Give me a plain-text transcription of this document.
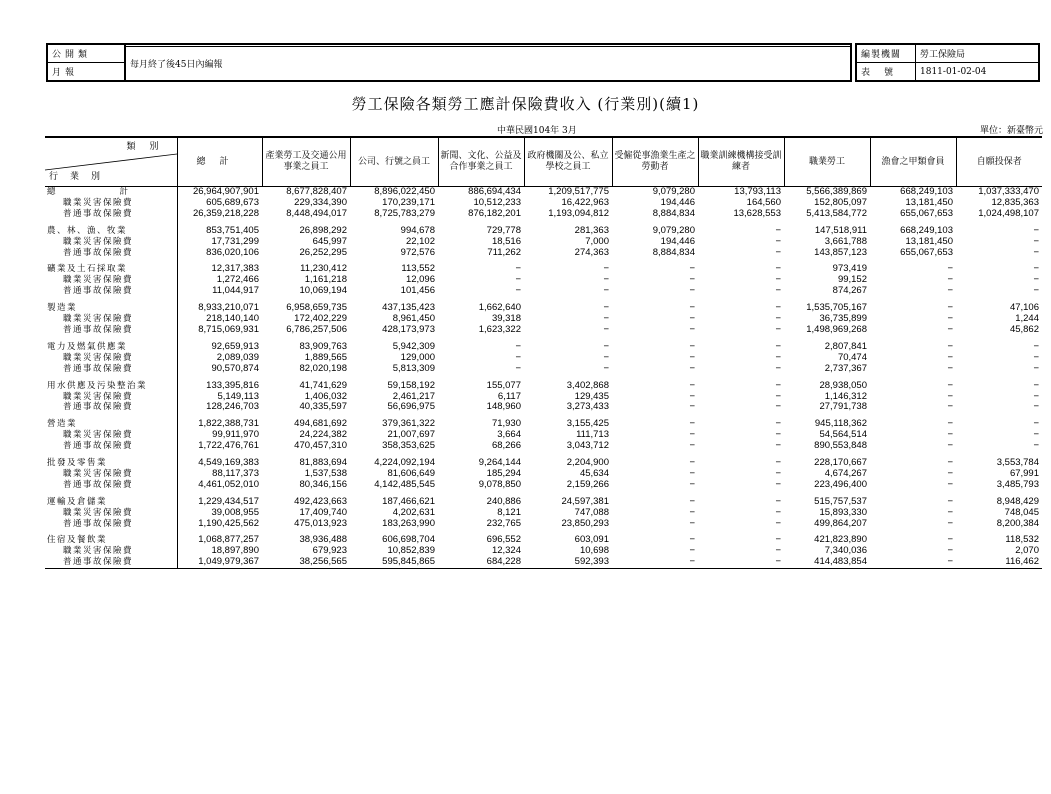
公開類
月報

每月終了後45日內編報
編製機關	勞工保險局
表號	1811-01-02-04
勞工保險各類勞工應計保險費收入 (行業別)(續1)
中華民國104年 3月	單位：新臺幣元
類別
行業別	總計	產業勞工及交通公用事業之員工	公司、行號之員工	新聞、文化、公益及合作事業之員工	政府機關及公、私立學校之員工	受僱從事漁業生產之勞動者	職業訓練機構接受訓練者	職業勞工	漁會之甲類會員	自願投保者
總計	26,964,907,901	8,677,828,407	8,896,022,450	886,694,434	1,209,517,775	9,079,280	13,793,113	5,566,389,869	668,249,103	1,037,333,470
職業災害保險費	605,689,673	229,334,390	170,239,171	10,512,233	16,422,963	194,446	164,560	152,805,097	13,181,450	12,835,363
普通事故保險費	26,359,218,228	8,448,494,017	8,725,783,279	876,182,201	1,193,094,812	8,884,834	13,628,553	5,413,584,772	655,067,653	1,024,498,107

農、林、漁、牧業	853,751,405	26,898,292	994,678	729,778	281,363	9,079,280	−	147,518,911	668,249,103	−
職業災害保險費	17,731,299	645,997	22,102	18,516	7,000	194,446	−	3,661,788	13,181,450	−
普通事故保險費	836,020,106	26,252,295	972,576	711,262	274,363	8,884,834	−	143,857,123	655,067,653	−

礦業及土石採取業	12,317,383	11,230,412	113,552	−	−	−	−	973,419	−	−
職業災害保險費	1,272,466	1,161,218	12,096	−	−	−	−	99,152	−	−
普通事故保險費	11,044,917	10,069,194	101,456	−	−	−	−	874,267	−	−

製造業	8,933,210,071	6,958,659,735	437,135,423	1,662,640	−	−	−	1,535,705,167	−	47,106
職業災害保險費	218,140,140	172,402,229	8,961,450	39,318	−	−	−	36,735,899	−	1,244
普通事故保險費	8,715,069,931	6,786,257,506	428,173,973	1,623,322	−	−	−	1,498,969,268	−	45,862

電力及燃氣供應業	92,659,913	83,909,763	5,942,309	−	−	−	−	2,807,841	−	−
職業災害保險費	2,089,039	1,889,565	129,000	−	−	−	−	70,474	−	−
普通事故保險費	90,570,874	82,020,198	5,813,309	−	−	−	−	2,737,367	−	−

用水供應及污染整治業	133,395,816	41,741,629	59,158,192	155,077	3,402,868	−	−	28,938,050	−	−
職業災害保險費	5,149,113	1,406,032	2,461,217	6,117	129,435	−	−	1,146,312	−	−
普通事故保險費	128,246,703	40,335,597	56,696,975	148,960	3,273,433	−	−	27,791,738	−	−

營造業	1,822,388,731	494,681,692	379,361,322	71,930	3,155,425	−	−	945,118,362	−	−
職業災害保險費	99,911,970	24,224,382	21,007,697	3,664	111,713	−	−	54,564,514	−	−
普通事故保險費	1,722,476,761	470,457,310	358,353,625	68,266	3,043,712	−	−	890,553,848	−	−

批發及零售業	4,549,169,383	81,883,694	4,224,092,194	9,264,144	2,204,900	−	−	228,170,667	−	3,553,784
職業災害保險費	88,117,373	1,537,538	81,606,649	185,294	45,634	−	−	4,674,267	−	67,991
普通事故保險費	4,461,052,010	80,346,156	4,142,485,545	9,078,850	2,159,266	−	−	223,496,400	−	3,485,793

運輸及倉儲業	1,229,434,517	492,423,663	187,466,621	240,886	24,597,381	−	−	515,757,537	−	8,948,429
職業災害保險費	39,008,955	17,409,740	4,202,631	8,121	747,088	−	−	15,893,330	−	748,045
普通事故保險費	1,190,425,562	475,013,923	183,263,990	232,765	23,850,293	−	−	499,864,207	−	8,200,384

住宿及餐飲業	1,068,877,257	38,936,488	606,698,704	696,552	603,091	−	−	421,823,890	−	118,532
職業災害保險費	18,897,890	679,923	10,852,839	12,324	10,698	−	−	7,340,036	−	2,070
普通事故保險費	1,049,979,367	38,256,565	595,845,865	684,228	592,393	−	−	414,483,854	−	116,462
